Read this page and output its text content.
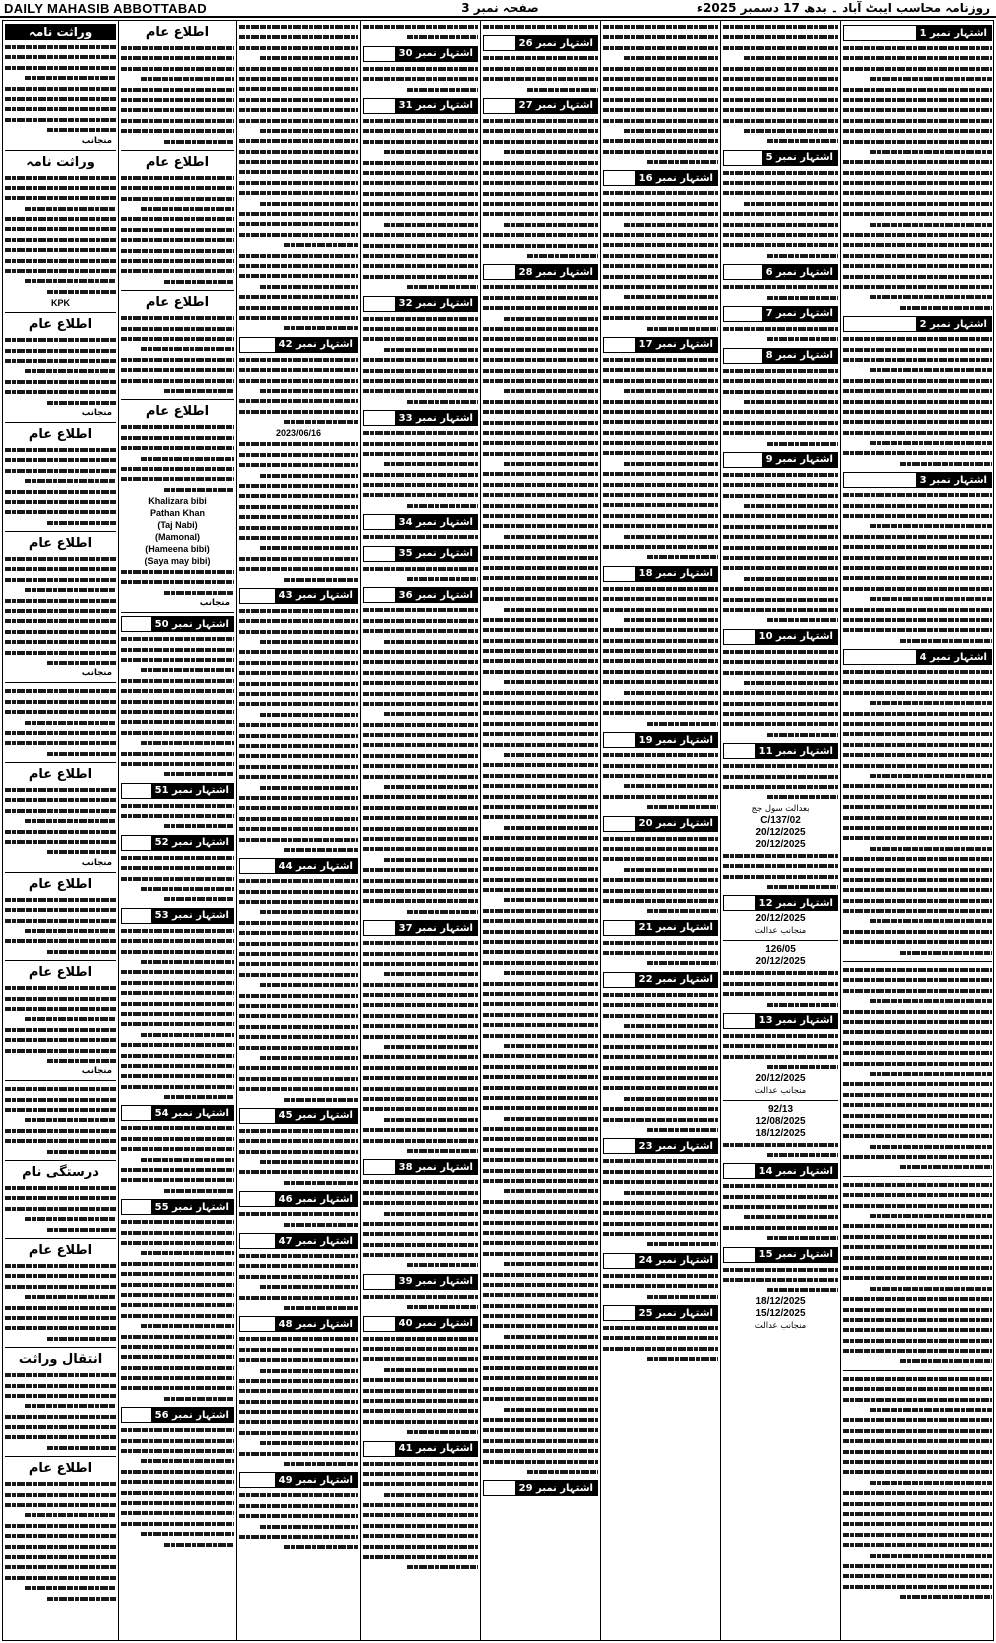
DAILY MAHASIB ABBOTTABAD	صفحہ نمبر 3	روزنامہ محاسب ایبٹ آباد ۔ بدھ 17 دسمبر 2025ء
وراثت نامہ
منجانب
وراثت نامہ
KPK
اطلاع عام
منجانب
اطلاع عام
اطلاع عام
منجانب
اطلاع عام
منجانب
اطلاع عام
اطلاع عام
منجانب
درستگی نام
اطلاع عام
انتقال وراثت
اطلاع عام
اطلاع عام
اطلاع عام
اطلاع عام
اطلاع عام
Khalizara bibi
Pathan Khan
(Taj Nabi)
(Mamonal)
(Hameena bibi)
(Saya may bibi)
منجانب
اشتہار نمبر 50
اشتہار نمبر 51
اشتہار نمبر 52
اشتہار نمبر 53
اشتہار نمبر 54
اشتہار نمبر 55
اشتہار نمبر 56
اشتہار نمبر 42
2023/06/16
اشتہار نمبر 43
اشتہار نمبر 44
اشتہار نمبر 45
اشتہار نمبر 46
اشتہار نمبر 47
اشتہار نمبر 48
اشتہار نمبر 49
اشتہار نمبر 30
اشتہار نمبر 31
اشتہار نمبر 32
اشتہار نمبر 33
اشتہار نمبر 34
اشتہار نمبر 35
اشتہار نمبر 36
اشتہار نمبر 37
اشتہار نمبر 38
اشتہار نمبر 39
اشتہار نمبر 40
اشتہار نمبر 41
اشتہار نمبر 26
اشتہار نمبر 27
اشتہار نمبر 28
اشتہار نمبر 29
اشتہار نمبر 16
اشتہار نمبر 17
اشتہار نمبر 18
اشتہار نمبر 19
اشتہار نمبر 20
اشتہار نمبر 21
اشتہار نمبر 22
اشتہار نمبر 23
اشتہار نمبر 24
اشتہار نمبر 25
اشتہار نمبر 5
اشتہار نمبر 6
اشتہار نمبر 7
اشتہار نمبر 8
اشتہار نمبر 9
اشتہار نمبر 10
اشتہار نمبر 11
بعدالت سول جج
137/02/C
20/12/2025
20/12/2025
اشتہار نمبر 12
20/12/2025
منجانب عدالت
126/05
20/12/2025
اشتہار نمبر 13
20/12/2025
منجانب عدالت
92/13
12/08/2025
18/12/2025
اشتہار نمبر 14
اشتہار نمبر 15
18/12/2025
15/12/2025
منجانب عدالت
اشتہار نمبر 1
اشتہار نمبر 2
اشتہار نمبر 3
اشتہار نمبر 4
